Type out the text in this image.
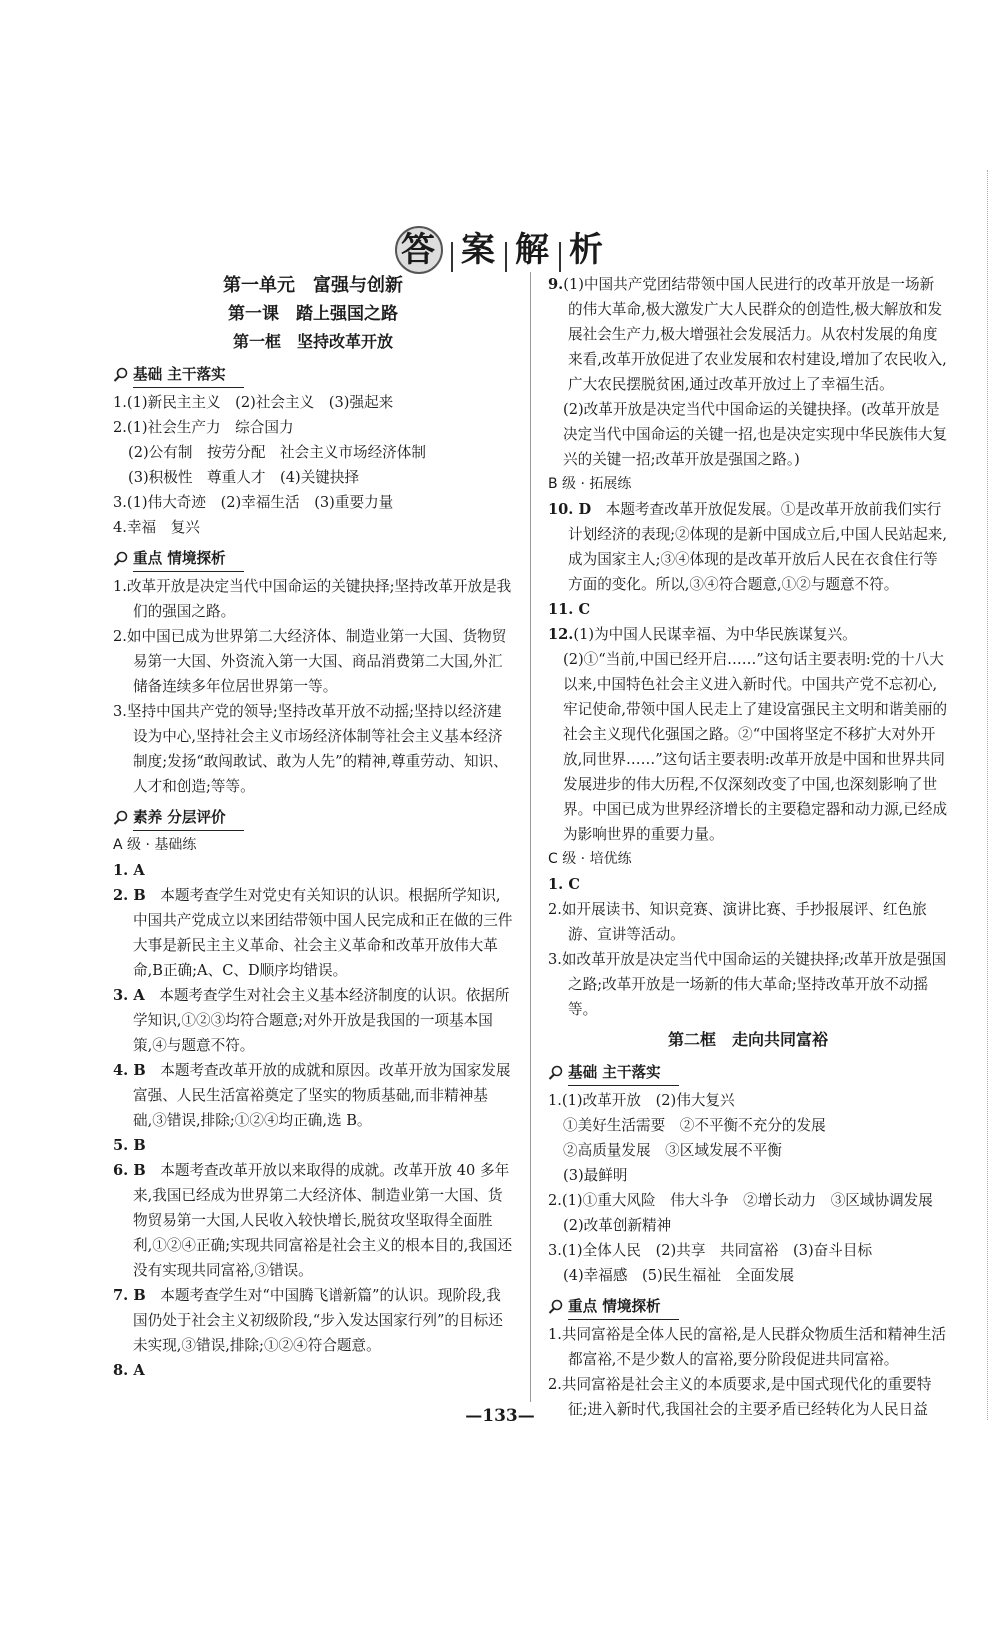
答 案 解 析
第一单元　富强与创新
第一课　踏上强国之路
第一框　坚持改革开放
基础 主干落实

1.(1)新民主主义　(2)社会主义　(3)强起来

2.(1)社会生产力　综合国力

(2)公有制　按劳分配　社会主义市场经济体制

(3)积极性　尊重人才　(4)关键抉择

3.(1)伟大奇迹　(2)幸福生活　(3)重要力量

4.幸福　复兴

重点 情境探析

1.改革开放是决定当代中国命运的关键抉择;坚持改革开放是我们的强国之路。

2.如中国已成为世界第二大经济体、制造业第一大国、货物贸易第一大国、外资流入第一大国、商品消费第二大国,外汇储备连续多年位居世界第一等。

3.坚持中国共产党的领导;坚持改革开放不动摇;坚持以经济建设为中心,坚持社会主义市场经济体制等社会主义基本经济制度;发扬“敢闯敢试、敢为人先”的精神,尊重劳动、知识、人才和创造;等等。

素养 分层评价

A 级 · 基础练

1. A

2. B　本题考查学生对党史有关知识的认识。根据所学知识,中国共产党成立以来团结带领中国人民完成和正在做的三件大事是新民主主义革命、社会主义革命和改革开放伟大革命,B正确;A、C、D顺序均错误。

3. A　本题考查学生对社会主义基本经济制度的认识。依据所学知识,①②③均符合题意;对外开放是我国的一项基本国策,④与题意不符。

4. B　本题考查改革开放的成就和原因。改革开放为国家发展富强、人民生活富裕奠定了坚实的物质基础,而非精神基础,③错误,排除;①②④均正确,选 B。

5. B

6. B　本题考查改革开放以来取得的成就。改革开放 40 多年来,我国已经成为世界第二大经济体、制造业第一大国、货物贸易第一大国,人民收入较快增长,脱贫攻坚取得全面胜利,①②④正确;实现共同富裕是社会主义的根本目的,我国还没有实现共同富裕,③错误。

7. B　本题考查学生对“中国腾飞谱新篇”的认识。现阶段,我国仍处于社会主义初级阶段,“步入发达国家行列”的目标还未实现,③错误,排除;①②④符合题意。

8. A

9.(1)中国共产党团结带领中国人民进行的改革开放是一场新的伟大革命,极大激发广大人民群众的创造性,极大解放和发展社会生产力,极大增强社会发展活力。从农村发展的角度来看,改革开放促进了农业发展和农村建设,增加了农民收入,广大农民摆脱贫困,通过改革开放过上了幸福生活。

(2)改革开放是决定当代中国命运的关键抉择。(改革开放是决定当代中国命运的关键一招,也是决定实现中华民族伟大复兴的关键一招;改革开放是强国之路。)

B 级 · 拓展练

10. D　本题考查改革开放促发展。①是改革开放前我们实行计划经济的表现;②体现的是新中国成立后,中国人民站起来,成为国家主人;③④体现的是改革开放后人民在衣食住行等方面的变化。所以,③④符合题意,①②与题意不符。

11. C

12.(1)为中国人民谋幸福、为中华民族谋复兴。

(2)①“当前,中国已经开启……”这句话主要表明:党的十八大以来,中国特色社会主义进入新时代。中国共产党不忘初心,牢记使命,带领中国人民走上了建设富强民主文明和谐美丽的社会主义现代化强国之路。②“中国将坚定不移扩大对外开放,同世界……”这句话主要表明:改革开放是中国和世界共同发展进步的伟大历程,不仅深刻改变了中国,也深刻影响了世界。中国已成为世界经济增长的主要稳定器和动力源,已经成为影响世界的重要力量。

C 级 · 培优练

1. C

2.如开展读书、知识竞赛、演讲比赛、手抄报展评、红色旅游、宣讲等活动。

3.如改革开放是决定当代中国命运的关键抉择;改革开放是强国之路;改革开放是一场新的伟大革命;坚持改革开放不动摇等。

第二框　走向共同富裕
基础 主干落实

1.(1)改革开放　(2)伟大复兴

①美好生活需要　②不平衡不充分的发展

②高质量发展　③区域发展不平衡

(3)最鲜明

2.(1)①重大风险　伟大斗争　②增长动力　③区域协调发展

(2)改革创新精神

3.(1)全体人民　(2)共享　共同富裕　(3)奋斗目标

(4)幸福感　(5)民生福祉　全面发展

重点 情境探析

1.共同富裕是全体人民的富裕,是人民群众物质生活和精神生活都富裕,不是少数人的富裕,要分阶段促进共同富裕。

2.共同富裕是社会主义的本质要求,是中国式现代化的重要特征;进入新时代,我国社会的主要矛盾已经转化为人民日益

—133—
